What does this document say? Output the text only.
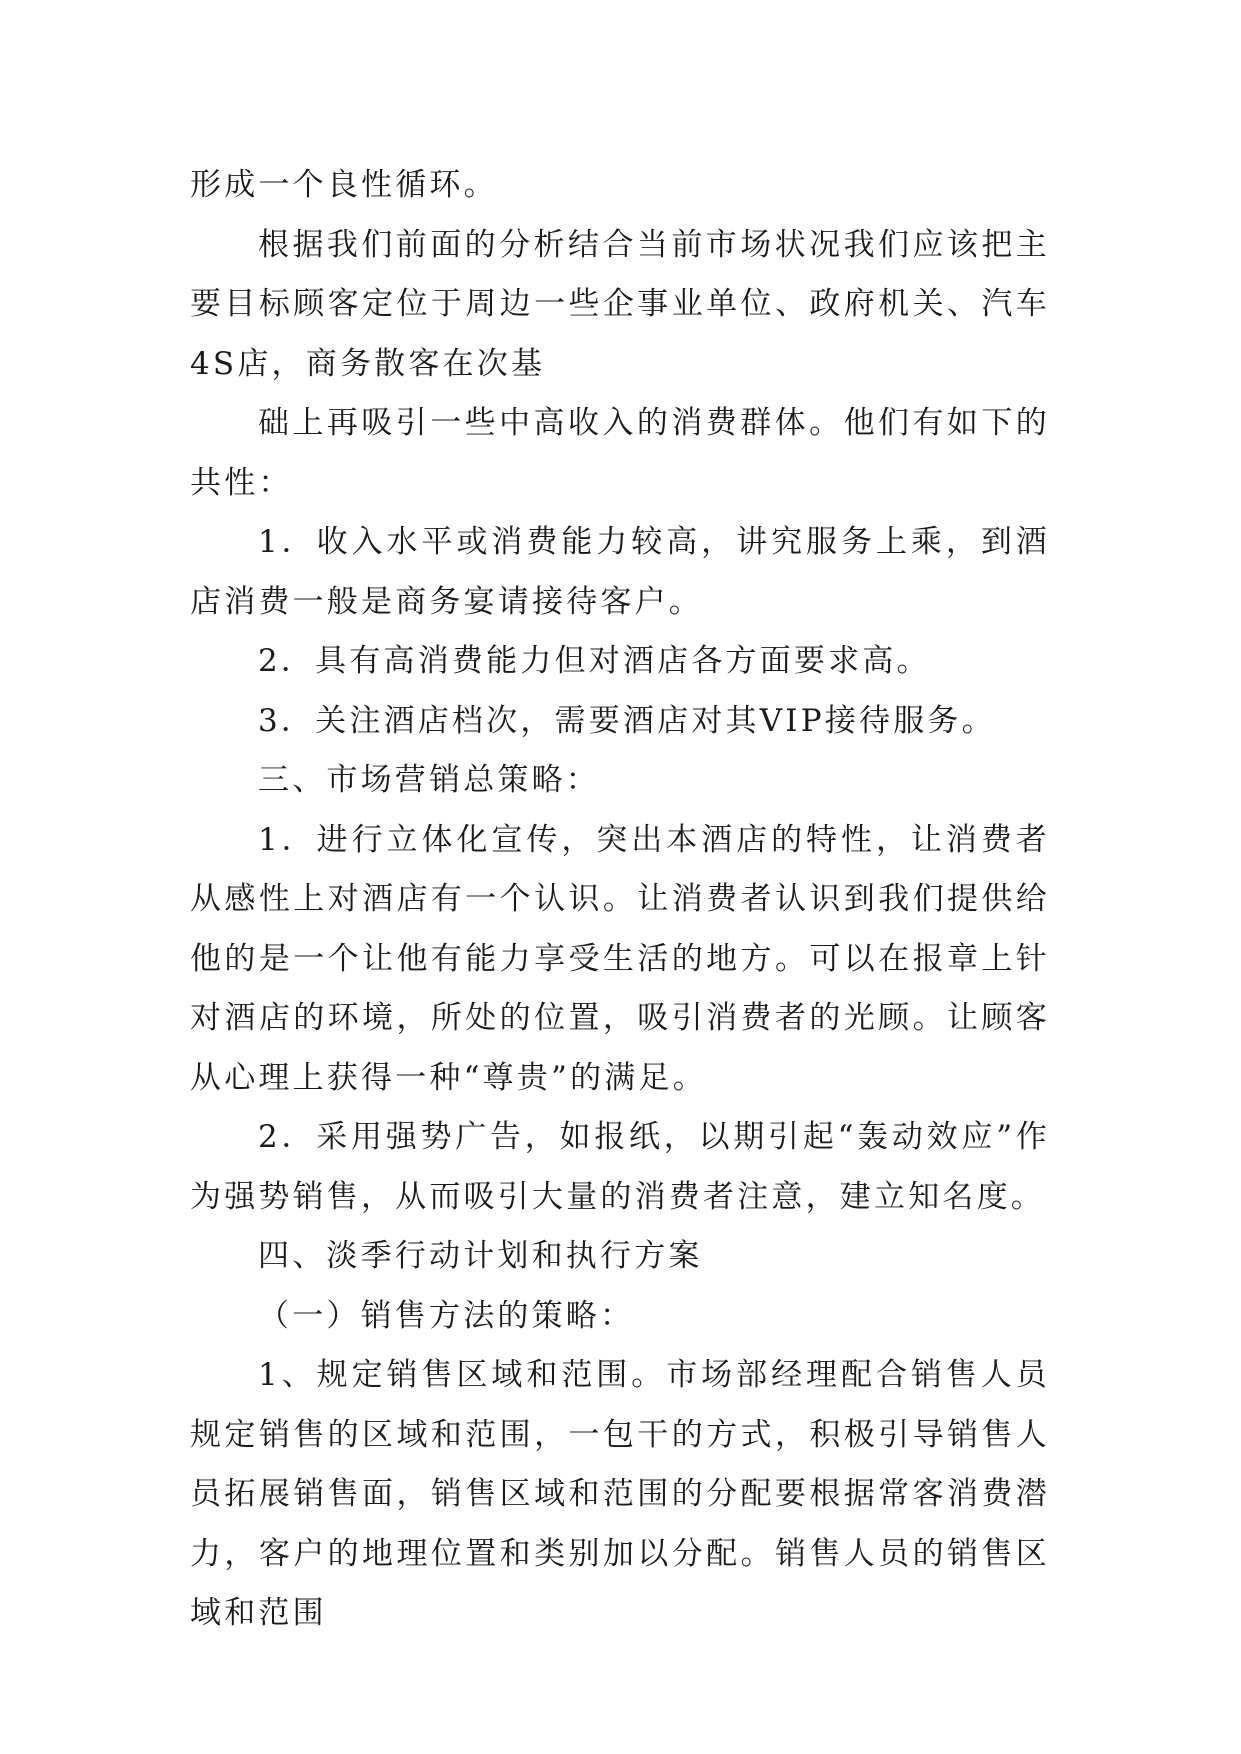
形成一个良性循环。

根据我们前面的分析结合当前市场状况我们应该把主要目标顾客定位于周边一些企事业单位、政府机关、汽车4S店，商务散客在次基

础上再吸引一些中高收入的消费群体。他们有如下的共性：

1．收入水平或消费能力较高，讲究服务上乘，到酒店消费一般是商务宴请接待客户。

2．具有高消费能力但对酒店各方面要求高。

3．关注酒店档次，需要酒店对其VIP接待服务。

三、市场营销总策略：

1．进行立体化宣传，突出本酒店的特性，让消费者从感性上对酒店有一个认识。让消费者认识到我们提供给他的是一个让他有能力享受生活的地方。可以在报章上针对酒店的环境，所处的位置，吸引消费者的光顾。让顾客从心理上获得一种“尊贵”的满足。

2．采用强势广告，如报纸，以期引起“轰动效应”作为强势销售，从而吸引大量的消费者注意，建立知名度。

四、淡季行动计划和执行方案

（一）销售方法的策略：

1、规定销售区域和范围。市场部经理配合销售人员规定销售的区域和范围，一包干的方式，积极引导销售人员拓展销售面，销售区域和范围的分配要根据常客消费潜力，客户的地理位置和类别加以分配。销售人员的销售区域和范围
